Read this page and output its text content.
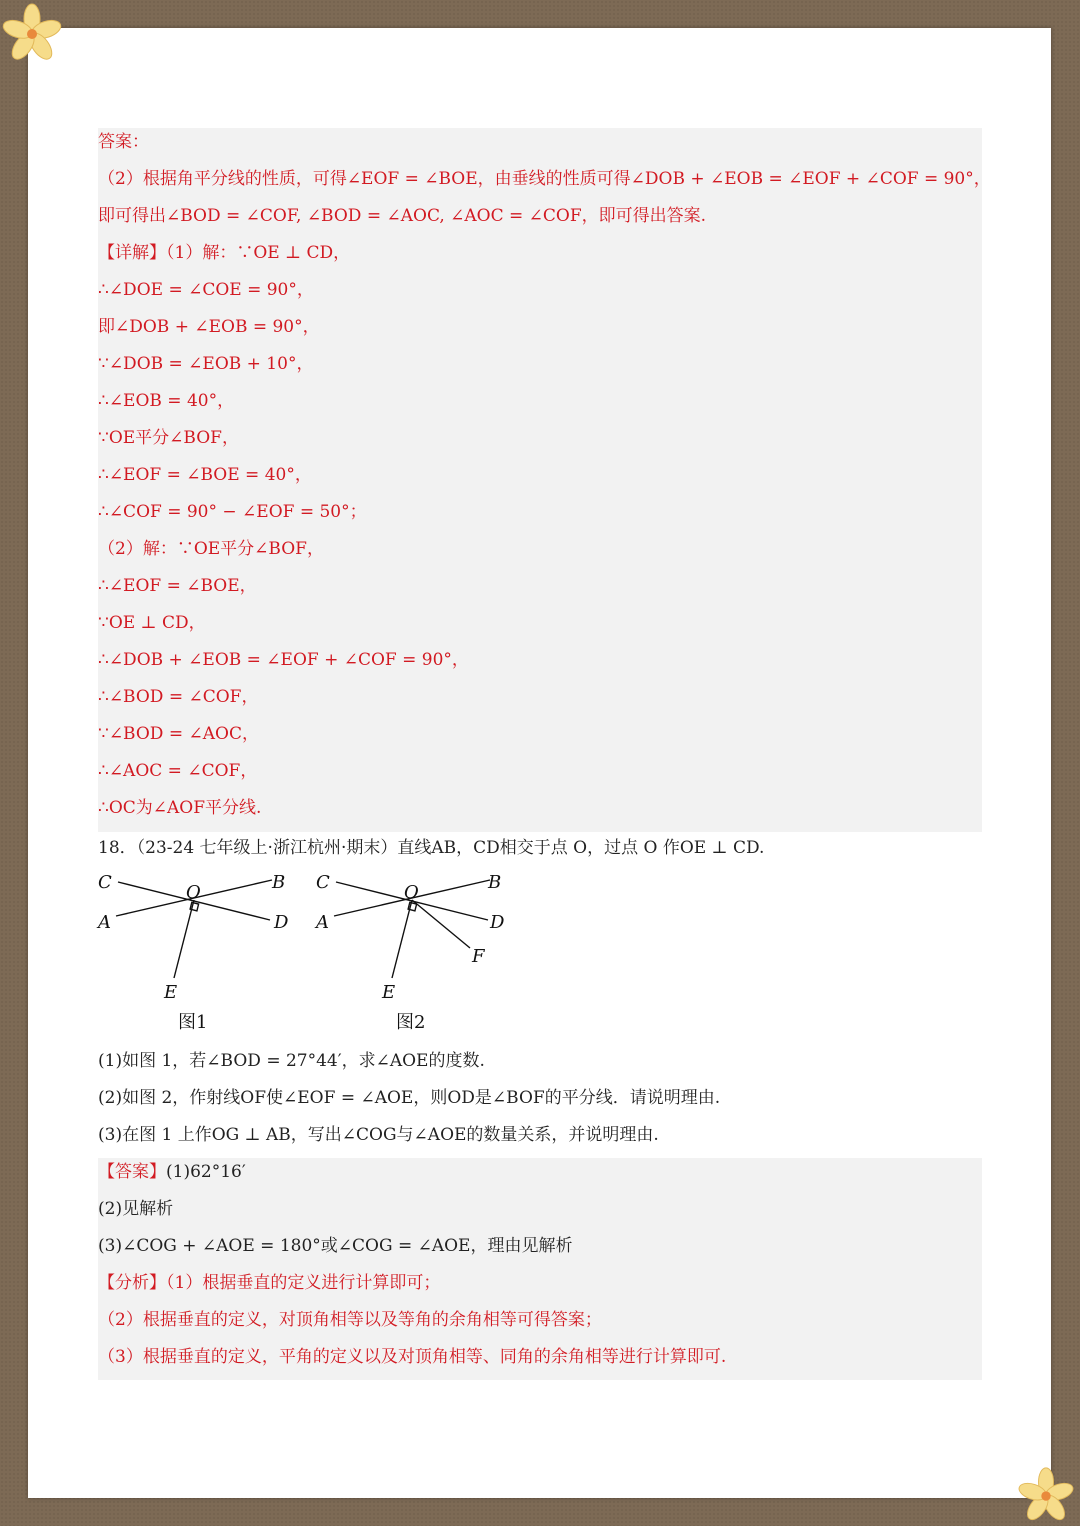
答案：
（2）根据角平分线的性质，可得∠EOF = ∠BOE，由垂线的性质可得∠DOB + ∠EOB = ∠EOF + ∠COF = 90°，
即可得出∠BOD = ∠COF, ∠BOD = ∠AOC, ∠AOC = ∠COF，即可得出答案.
【详解】（1）解：∵OE ⊥ CD，
∴∠DOE = ∠COE = 90°，
即∠DOB + ∠EOB = 90°，
∵∠DOB = ∠EOB + 10°，
∴∠EOB = 40°，
∵OE平分∠BOF，
∴∠EOF = ∠BOE = 40°，
∴∠COF = 90° − ∠EOF = 50°；
（2）解：∵OE平分∠BOF，
∴∠EOF = ∠BOE，
∵OE ⊥ CD，
∴∠DOB + ∠EOB = ∠EOF + ∠COF = 90°，
∴∠BOD = ∠COF，
∵∠BOD = ∠AOC，
∴∠AOC = ∠COF，
∴OC为∠AOF平分线.
18．（23-24 七年级上·浙江杭州·期末）直线AB，CD相交于点 O，过点 O 作OE ⊥ CD.
C	O	B
A	D
E
图1
C	O	B
A	D
F
E
图2
(1)如图 1，若∠BOD = 27°44′，求∠AOE的度数.
(2)如图 2，作射线OF使∠EOF = ∠AOE，则OD是∠BOF的平分线．请说明理由.
(3)在图 1 上作OG ⊥ AB，写出∠COG与∠AOE的数量关系，并说明理由.
【答案】(1)62°16′
(2)见解析
(3)∠COG + ∠AOE = 180°或∠COG = ∠AOE，理由见解析
【分析】（1）根据垂直的定义进行计算即可；
（2）根据垂直的定义，对顶角相等以及等角的余角相等可得答案；
（3）根据垂直的定义，平角的定义以及对顶角相等、同角的余角相等进行计算即可.
